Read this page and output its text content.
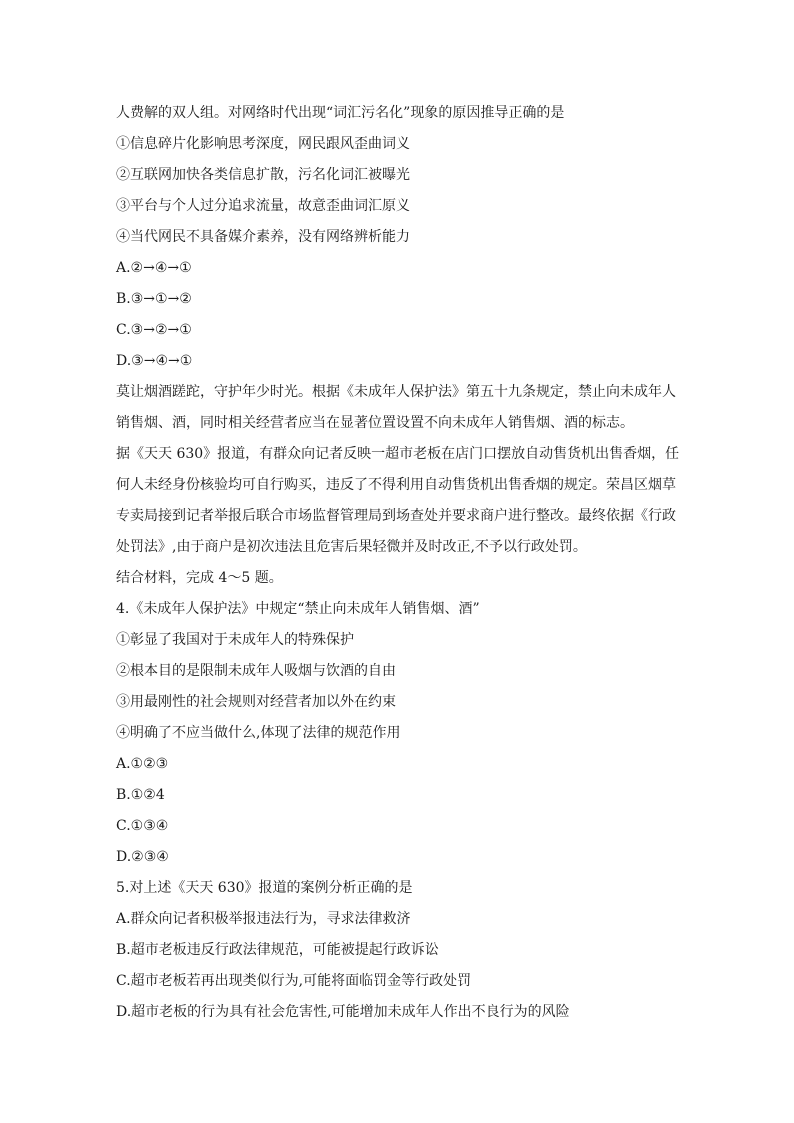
人费解的双人组。对网络时代出现“词汇污名化”现象的原因推导正确的是
①信息碎片化影响思考深度，网民跟风歪曲词义
②互联网加快各类信息扩散，污名化词汇被曝光
③平台与个人过分追求流量，故意歪曲词汇原义
④当代网民不具备媒介素养，没有网络辨析能力
A.②→④→①
B.③→①→②
C.③→②→①
D.③→④→①
莫让烟酒蹉跎，守护年少时光。根据《未成年人保护法》第五十九条规定，禁止向未成年人
销售烟、酒，同时相关经营者应当在显著位置设置不向未成年人销售烟、酒的标志。
据《天天 630》报道，有群众向记者反映一超市老板在店门口摆放自动售货机出售香烟，任
何人未经身份核验均可自行购买，违反了不得利用自动售货机出售香烟的规定。荣昌区烟草
专卖局接到记者举报后联合市场监督管理局到场查处并要求商户进行整改。最终依据《行政
处罚法》,由于商户是初次违法且危害后果轻微并及时改正,不予以行政处罚。
结合材料，完成 4～5 题。
4.《未成年人保护法》中规定“禁止向未成年人销售烟、酒”
①彰显了我国对于未成年人的特殊保护
②根本目的是限制未成年人吸烟与饮酒的自由
③用最刚性的社会规则对经营者加以外在约束
④明确了不应当做什么,体现了法律的规范作用
A.①②③
B.①②4
C.①③④
D.②③④
5.对上述《天天 630》报道的案例分析正确的是
A.群众向记者积极举报违法行为，寻求法律救济
B.超市老板违反行政法律规范，可能被提起行政诉讼
C.超市老板若再出现类似行为,可能将面临罚金等行政处罚
D.超市老板的行为具有社会危害性,可能增加未成年人作出不良行为的风险
